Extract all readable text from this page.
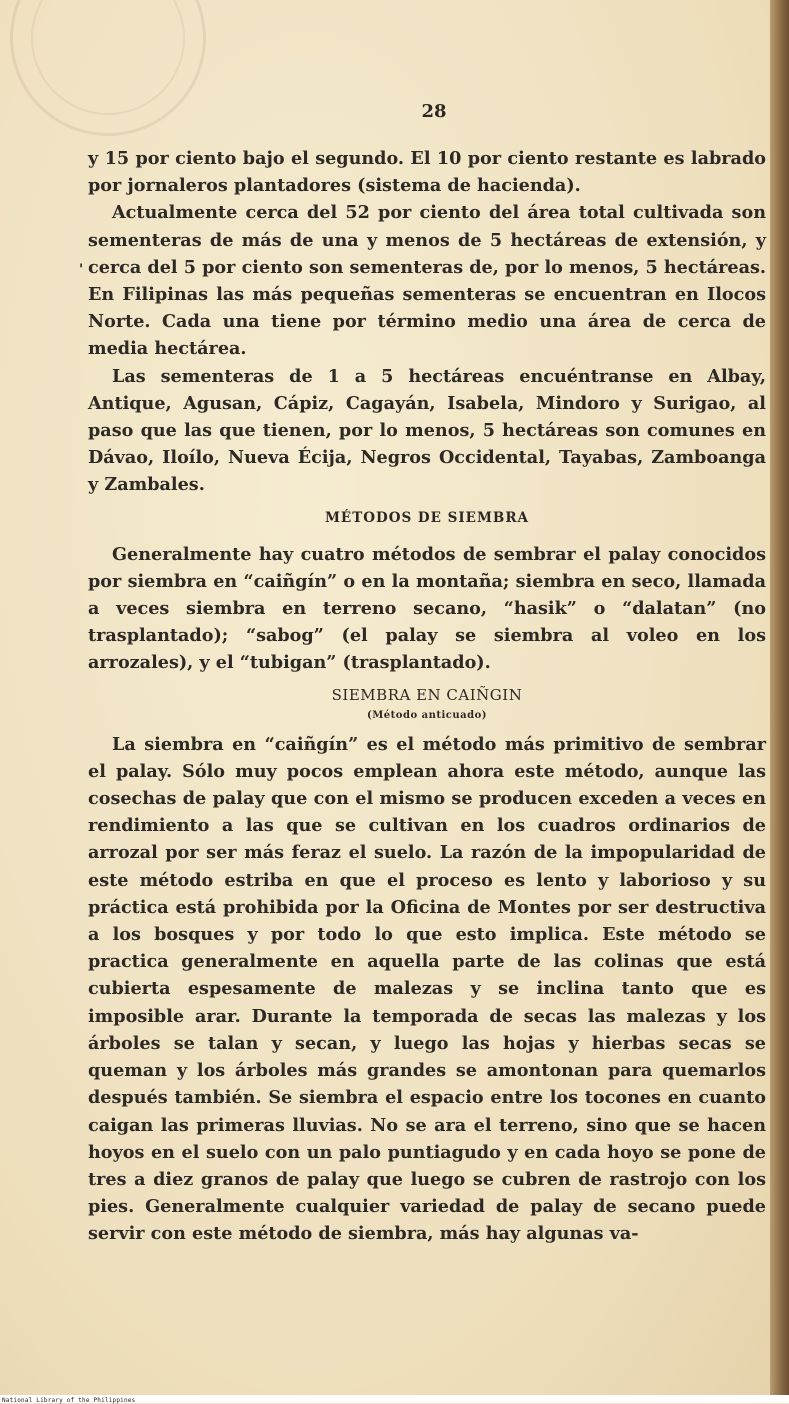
28
'

y 15 por ciento bajo el segundo. El 10 por ciento restante es labrado por jornaleros plantadores (sistema de hacienda).

Actualmente cerca del 52 por ciento del área total cultivada son sementeras de más de una y menos de 5 hectáreas de extensión, y cerca del 5 por ciento son sementeras de, por lo menos, 5 hectáreas. En Filipinas las más pequeñas sementeras se encuentran en Ilocos Norte. Cada una tiene por término medio una área de cerca de media hectárea.

Las sementeras de 1 a 5 hectáreas encuéntranse en Albay, Antique, Agusan, Cápiz, Cagayán, Isabela, Mindoro y Surigao, al paso que las que tienen, por lo menos, 5 hectáreas son comunes en Dávao, Iloílo, Nueva Écija, Negros Occidental, Tayabas, Zamboanga y Zambales.

MÉTODOS DE SIEMBRA

Generalmente hay cuatro métodos de sembrar el palay conocidos por siembra en “caiñgín” o en la montaña; siembra en seco, llamada a veces siembra en terreno secano, “hasik” o “dalatan” (no trasplantado); “sabog” (el palay se siembra al voleo en los arrozales), y el “tubigan” (trasplantado).

SIEMBRA EN CAIÑGIN
(Método anticuado)

La siembra en “caiñgín” es el método más primitivo de sembrar el palay. Sólo muy pocos emplean ahora este método, aunque las cosechas de palay que con el mismo se producen exceden a veces en rendimiento a las que se cultivan en los cuadros ordinarios de arrozal por ser más feraz el suelo. La razón de la impopularidad de este método estriba en que el proceso es lento y laborioso y su práctica está prohibida por la Oficina de Montes por ser destructiva a los bosques y por todo lo que esto implica. Este método se practica generalmente en aquella parte de las colinas que está cubierta espesamente de malezas y se inclina tanto que es imposible arar. Durante la temporada de secas las malezas y los árboles se talan y secan, y luego las hojas y hierbas secas se queman y los árboles más grandes se amontonan para quemarlos después también. Se siembra el espacio entre los tocones en cuanto caigan las primeras lluvias. No se ara el terreno, sino que se hacen hoyos en el suelo con un palo puntiagudo y en cada hoyo se pone de tres a diez granos de palay que luego se cubren de rastrojo con los pies. Generalmente cualquier variedad de palay de secano puede servir con este método de siembra, más hay algunas va-

National Library of the Philippines
